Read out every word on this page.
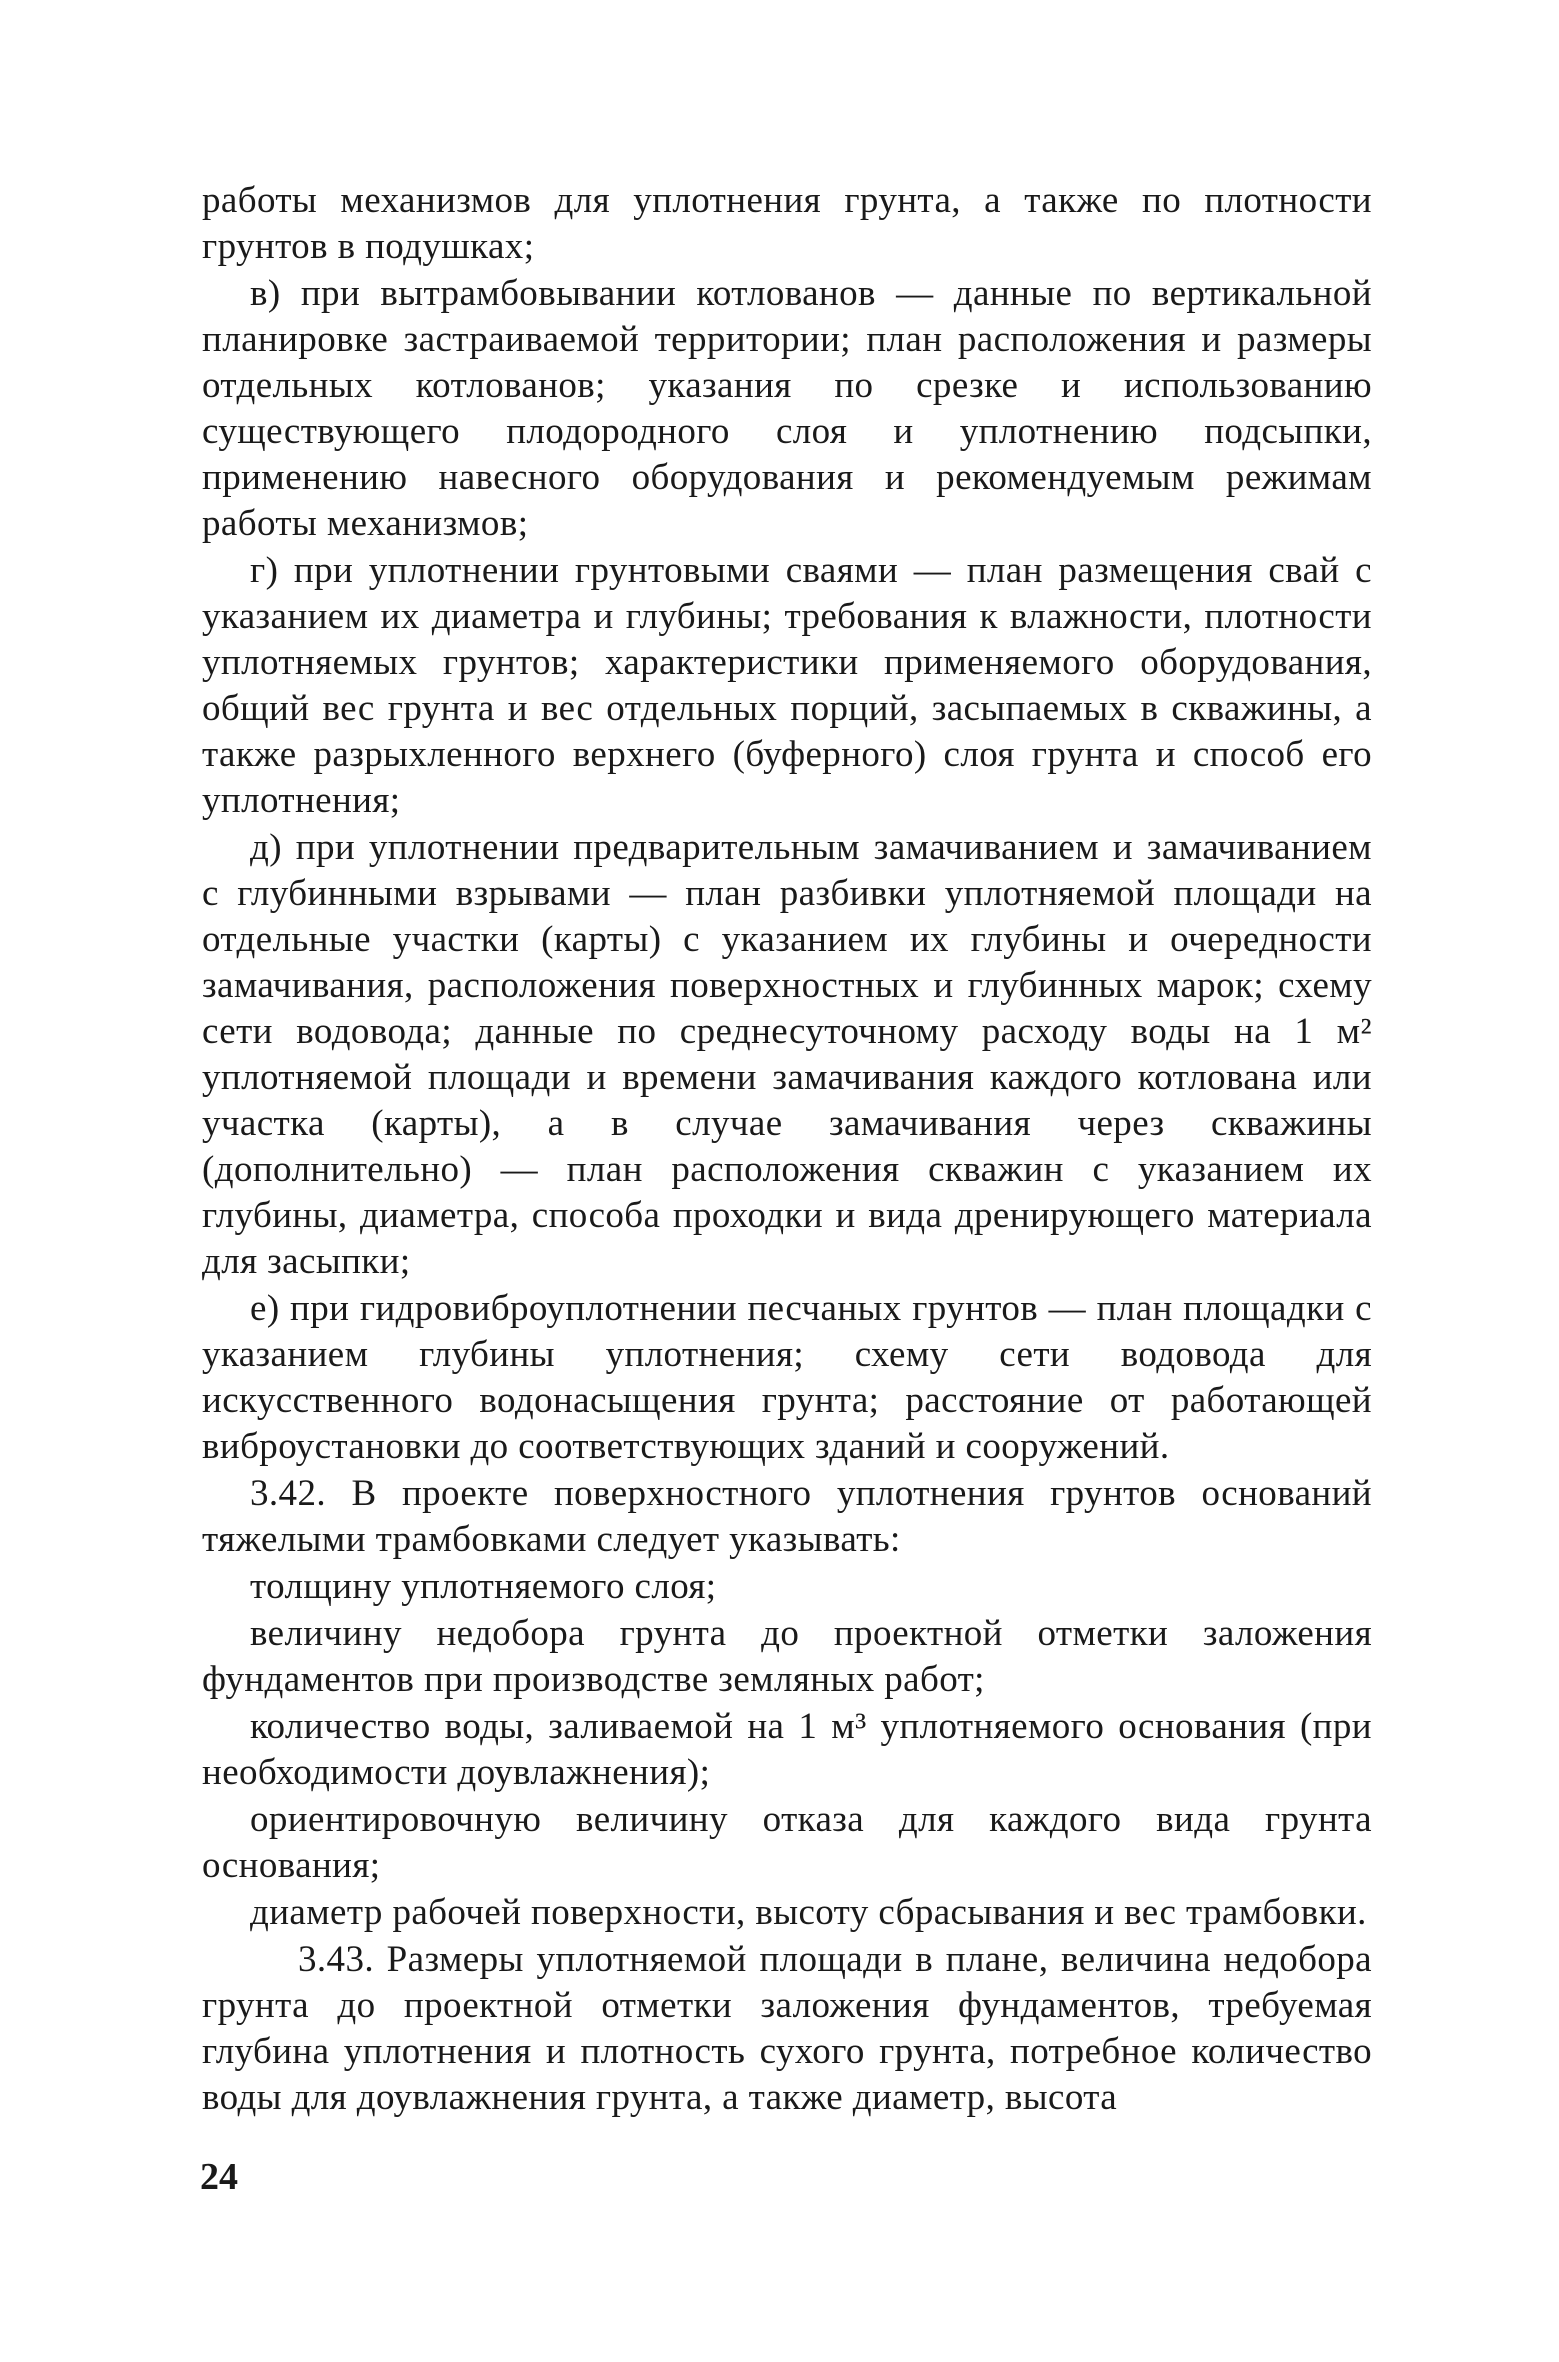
работы механизмов для уплотнения грунта, а также по плотности грунтов в подушках;

в) при вытрамбовывании котлованов — данные по вертикальной планировке застраиваемой территории; план расположения и размеры отдельных котлованов; указания по срезке и использованию существующего плодородного слоя и уплотнению подсыпки, применению навесного оборудования и рекомендуемым режимам работы механизмов;

г) при уплотнении грунтовыми сваями — план размещения свай с указанием их диаметра и глубины; требования к влажности, плотности уплотняемых грунтов; характеристики применяемого оборудования, общий вес грунта и вес отдельных порций, засыпаемых в скважины, а также разрыхленного верхнего (буферного) слоя грунта и способ его уплотнения;

д) при уплотнении предварительным замачиванием и замачиванием с глубинными взрывами — план разбивки уплотняемой площади на отдельные участки (карты) с указанием их глубины и очередности замачивания, расположения поверхностных и глубинных марок; схему сети водовода; данные по среднесуточному расходу воды на 1 м² уплотняемой площади и времени замачивания каждого котлована или участка (карты), а в случае замачивания через скважины (дополнительно) — план расположения скважин с указанием их глубины, диаметра, способа проходки и вида дренирующего материала для засыпки;

е) при гидровиброуплотнении песчаных грунтов — план площадки с указанием глубины уплотнения; схему сети водовода для искусственного водонасыщения грунта; расстояние от работающей виброустановки до соответствующих зданий и сооружений.

3.42. В проекте поверхностного уплотнения грунтов оснований тяжелыми трамбовками следует указывать:

толщину уплотняемого слоя;

величину недобора грунта до проектной отметки заложения фундаментов при производстве земляных работ;

количество воды, заливаемой на 1 м³ уплотняемого основания (при необходимости доувлажнения);

ориентировочную величину отказа для каждого вида грунта основания;

диаметр рабочей поверхности, высоту сбрасывания и вес трамбовки.

3.43. Размеры уплотняемой площади в плане, величина недобора грунта до проектной отметки заложения фундаментов, требуемая глубина уплотнения и плотность сухого грунта, потребное количество воды для доувлажнения грунта, а также диаметр, высота

24
